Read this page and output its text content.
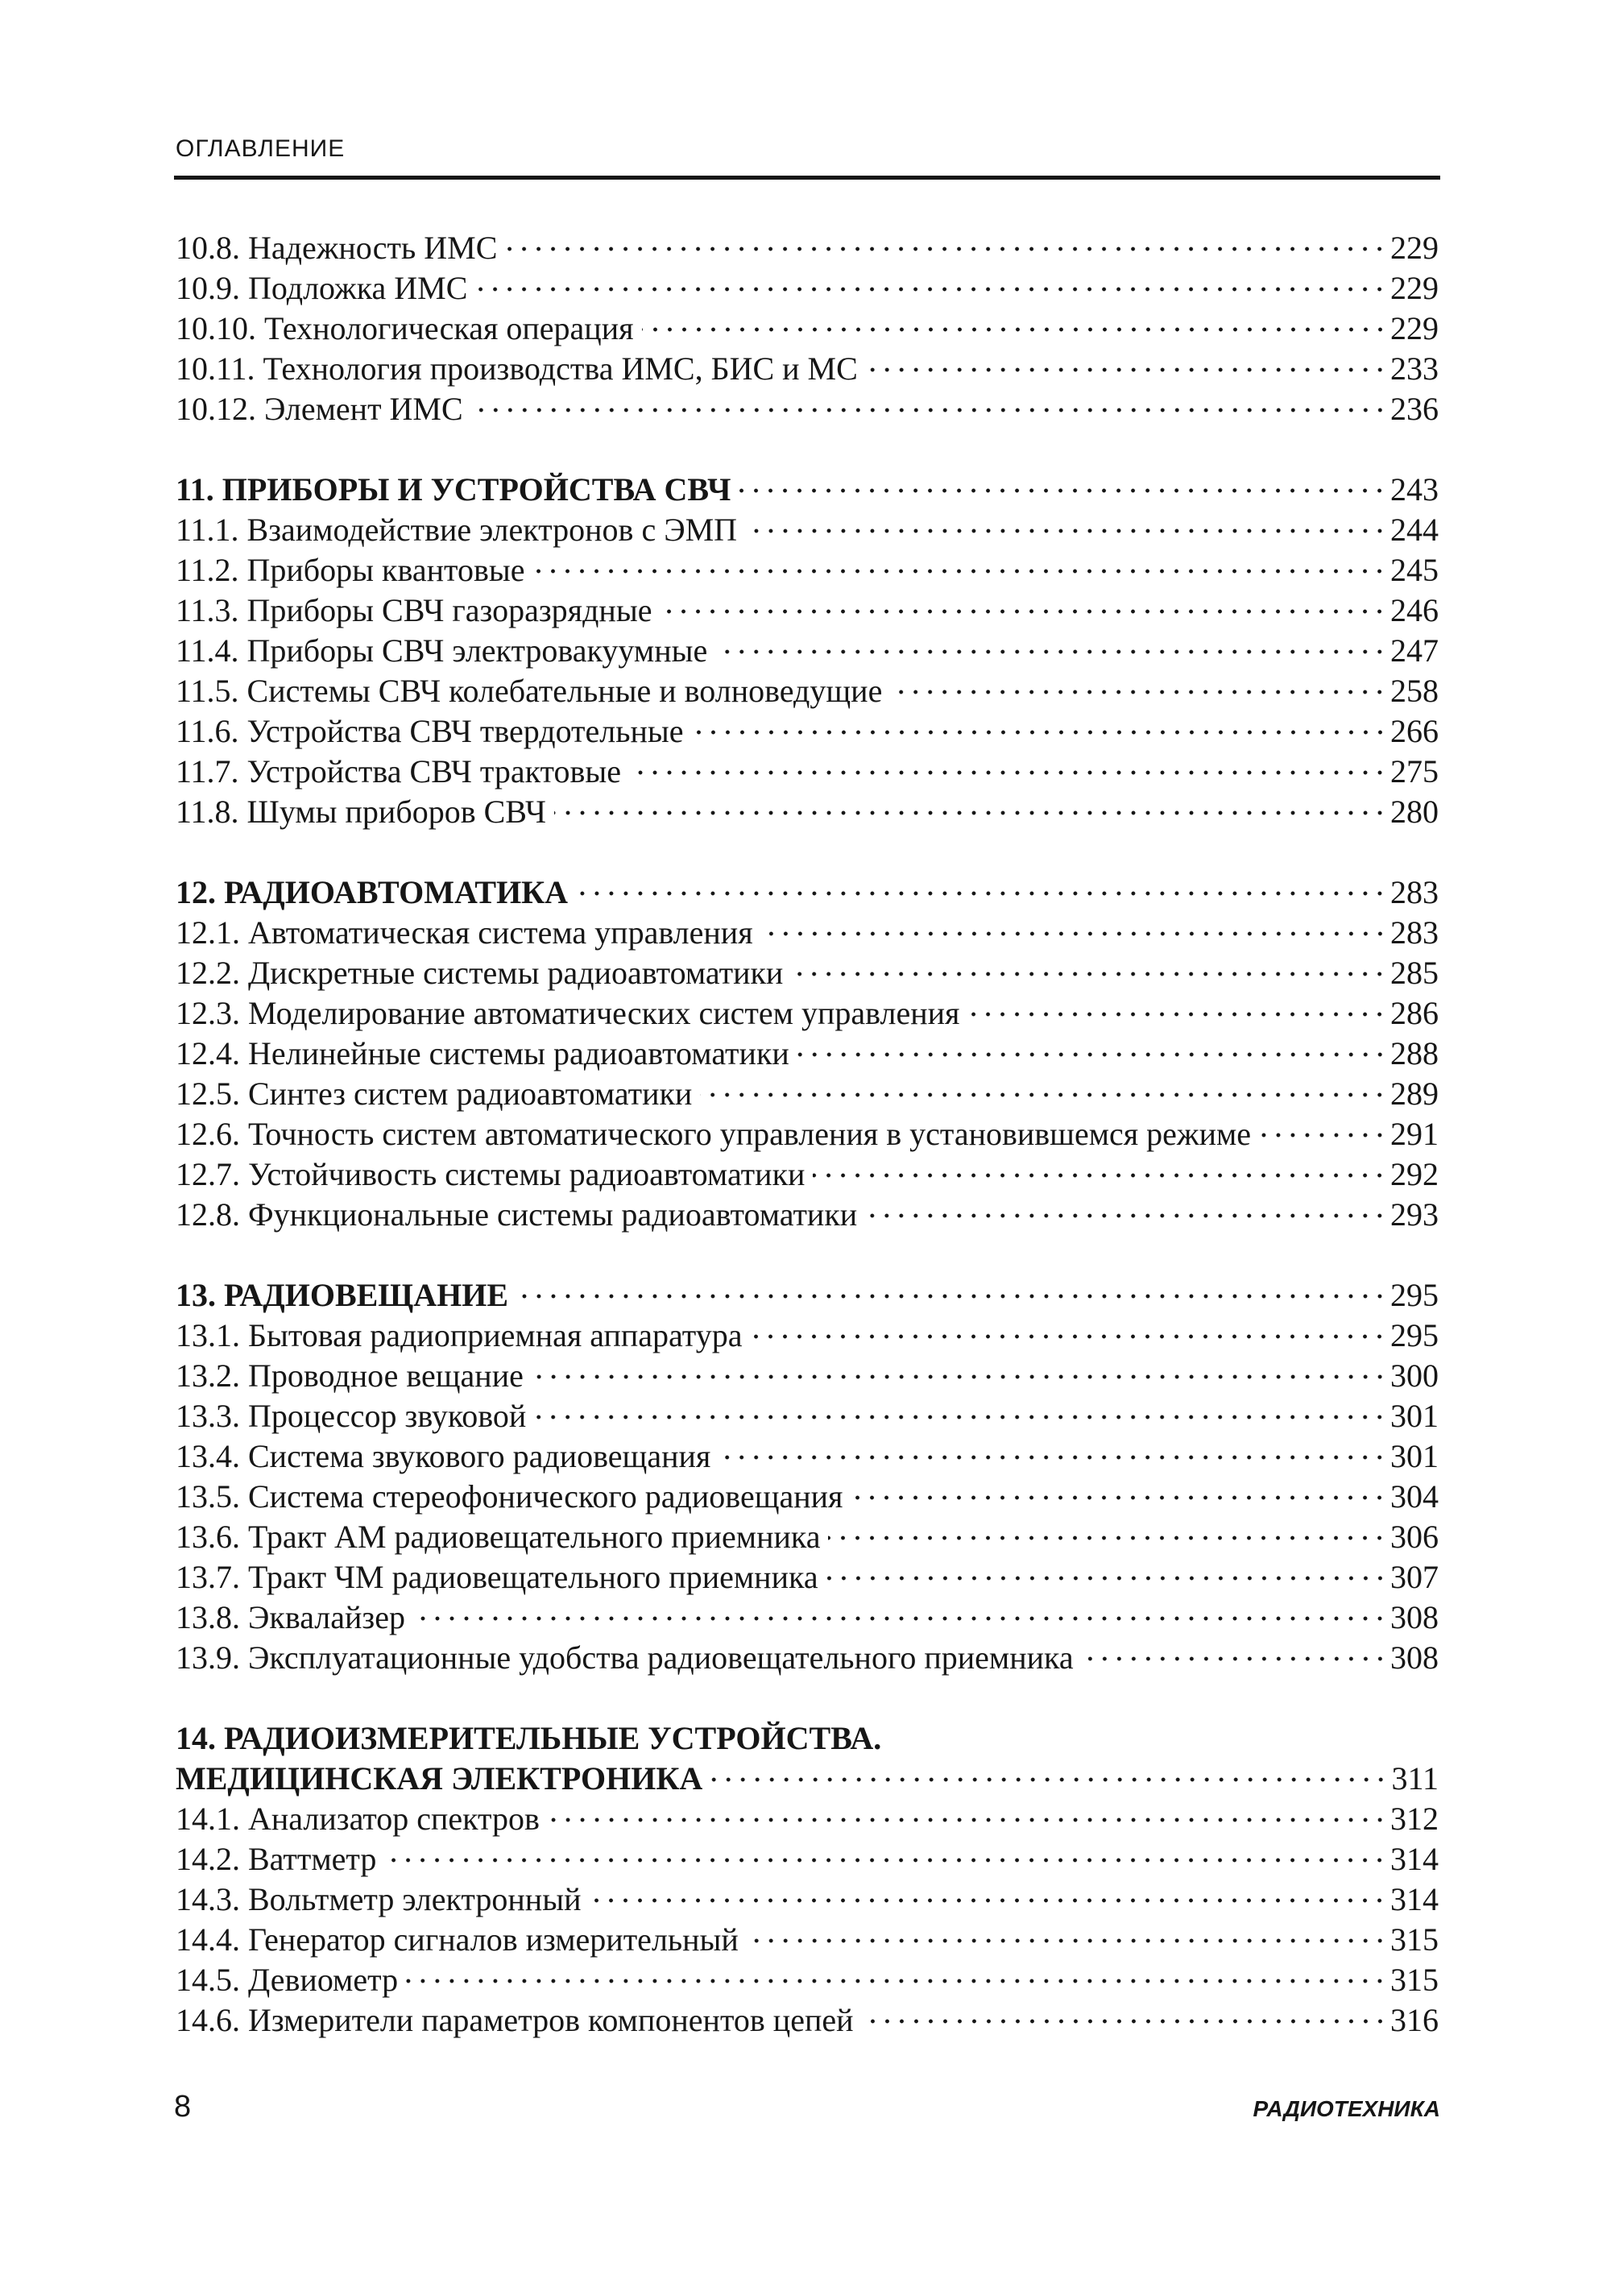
ОГЛАВЛЕНИЕ
10.8. Надежность ИМС	229
10.9. Подложка ИМС	229
10.10. Технологическая операция	229
10.11. Технология производства ИМС, БИС и МС	233
10.12. Элемент ИМС	236
11. ПРИБОРЫ И УСТРОЙСТВА СВЧ	243
11.1. Взаимодействие электронов с ЭМП	244
11.2. Приборы квантовые	245
11.3. Приборы СВЧ газоразрядные	246
11.4. Приборы СВЧ электровакуумные	247
11.5. Системы СВЧ колебательные и волноведущие	258
11.6. Устройства СВЧ твердотельные	266
11.7. Устройства СВЧ трактовые	275
11.8. Шумы приборов СВЧ	280
12. РАДИОАВТОМАТИКА	283
12.1. Автоматическая система управления	283
12.2. Дискретные системы радиоавтоматики	285
12.3. Моделирование автоматических систем управления	286
12.4. Нелинейные системы радиоавтоматики	288
12.5. Синтез систем радиоавтоматики	289
12.6. Точность систем автоматического управления в установившемся режиме	291
12.7. Устойчивость системы радиоавтоматики	292
12.8. Функциональные системы радиоавтоматики	293
13. РАДИОВЕЩАНИЕ	295
13.1. Бытовая радиоприемная аппаратура	295
13.2. Проводное вещание	300
13.3. Процессор звуковой	301
13.4. Система звукового радиовещания	301
13.5. Система стереофонического радиовещания	304
13.6. Тракт АМ радиовещательного приемника	306
13.7. Тракт ЧМ радиовещательного приемника	307
13.8. Эквалайзер	308
13.9. Эксплуатационные удобства радиовещательного приемника	308
14. РАДИОИЗМЕРИТЕЛЬНЫЕ УСТРОЙСТВА.
МЕДИЦИНСКАЯ ЭЛЕКТРОНИКА	311
14.1. Анализатор спектров	312
14.2. Ваттметр	314
14.3. Вольтметр электронный	314
14.4. Генератор сигналов измерительный	315
14.5. Девиометр	315
14.6. Измерители параметров компонентов цепей	316
8	РАДИОТЕХНИКА
